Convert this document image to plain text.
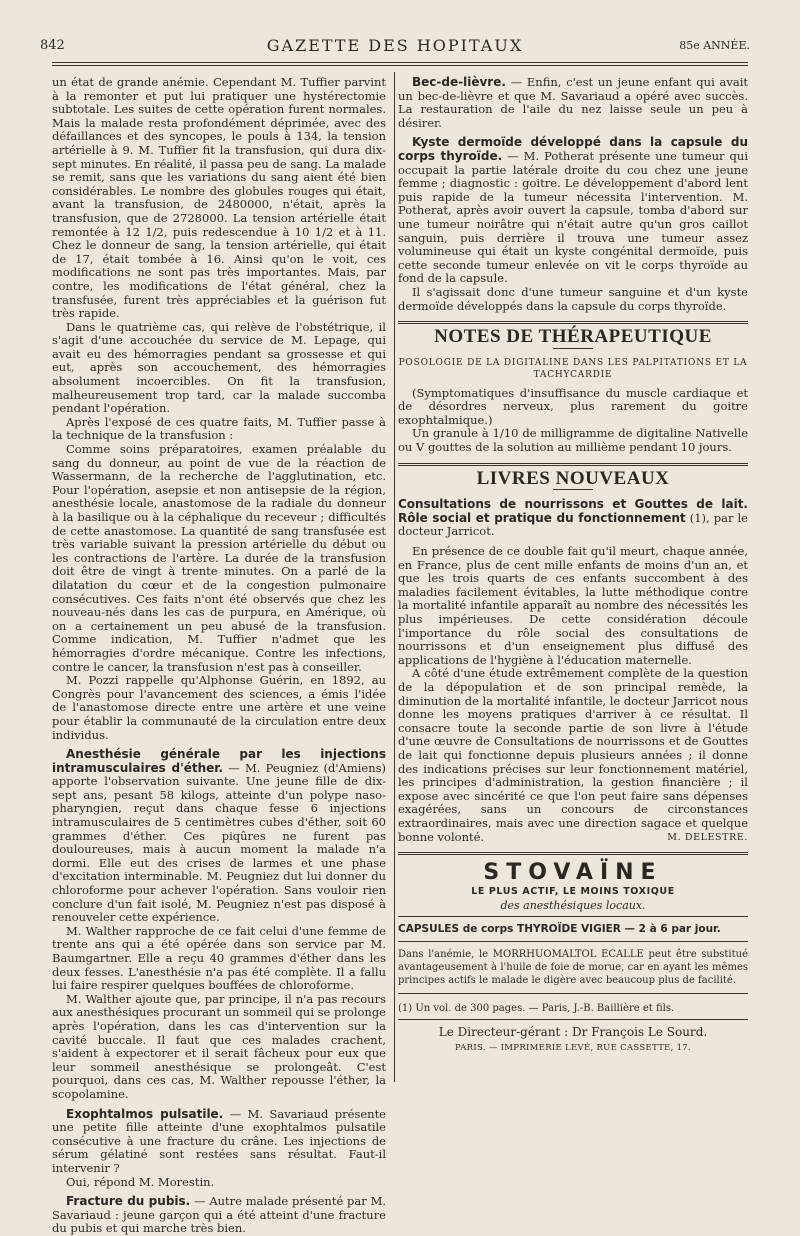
842	GAZETTE DES HOPITAUX	85e ANNÉE.

un état de grande anémie. Cependant M. Tuffier parvint à la remonter et put lui pratiquer une hystérectomie subtotale. Les suites de cette opération furent normales. Mais la malade resta profondément déprimée, avec des défaillances et des syncopes, le pouls à 134, la tension artérielle à 9. M. Tuffier fit la transfusion, qui dura dix-sept minutes. En réalité, il passa peu de sang. La malade se remit, sans que les variations du sang aient été bien considérables. Le nombre des globules rouges qui était, avant la transfusion, de 2480000, n'était, après la transfusion, que de 2728000. La tension artérielle était remontée à 12 1/2, puis redescendue à 10 1/2 et à 11. Chez le donneur de sang, la tension artérielle, qui était de 17, était tombée à 16. Ainsi qu'on le voit, ces modifications ne sont pas très importantes. Mais, par contre, les modifications de l'état général, chez la transfusée, furent très appréciables et la guérison fut très rapide.

Dans le quatrième cas, qui relève de l'obstétrique, il s'agit d'une accouchée du service de M. Lepage, qui avait eu des hémorragies pendant sa grossesse et qui eut, après son accouchement, des hémorragies absolument incoercibles. On fit la transfusion, malheureusement trop tard, car la malade succomba pendant l'opération.

Après l'exposé de ces quatre faits, M. Tuffier passe à la technique de la transfusion :

Comme soins préparatoires, examen préalable du sang du donneur, au point de vue de la réaction de Wassermann, de la recherche de l'agglutination, etc. Pour l'opération, asepsie et non antisepsie de la région, anesthésie locale, anastomose de la radiale du donneur à la basilique ou à la céphalique du receveur ; difficultés de cette anastomose. La quantité de sang transfusée est très variable suivant la pression artérielle du début ou les contractions de l'artère. La durée de la transfusion doit être de vingt à trente minutes. On a parlé de la dilatation du cœur et de la congestion pulmonaire consécutives. Ces faits n'ont été observés que chez les nouveau-nés dans les cas de purpura, en Amérique, où on a certainement un peu abusé de la transfusion. Comme indication, M. Tuffier n'admet que les hémorragies d'ordre mécanique. Contre les infections, contre le cancer, la transfusion n'est pas à conseiller.

M. Pozzi rappelle qu'Alphonse Guérin, en 1892, au Congrès pour l'avancement des sciences, a émis l'idée de l'anastomose directe entre une artère et une veine pour établir la communauté de la circulation entre deux individus.

Anesthésie générale par les injections intramusculaires d'éther. — M. Peugniez (d'Amiens) apporte l'observation suivante. Une jeune fille de dix-sept ans, pesant 58 kilogs, atteinte d'un polype naso-pharyngien, reçut dans chaque fesse 6 injections intramusculaires de 5 centimètres cubes d'éther, soit 60 grammes d'éther. Ces piqûres ne furent pas douloureuses, mais à aucun moment la malade n'a dormi. Elle eut des crises de larmes et une phase d'excitation interminable. M. Peugniez dut lui donner du chloroforme pour achever l'opération. Sans vouloir rien conclure d'un fait isolé, M. Peugniez n'est pas disposé à renouveler cette expérience.

M. Walther rapproche de ce fait celui d'une femme de trente ans qui a été opérée dans son service par M. Baumgartner. Elle a reçu 40 grammes d'éther dans les deux fesses. L'anesthésie n'a pas été complète. Il a fallu lui faire respirer quelques bouffées de chloroforme.

M. Walther ajoute que, par principe, il n'a pas recours aux anesthésiques procurant un sommeil qui se prolonge après l'opération, dans les cas d'intervention sur la cavité buccale. Il faut que ces malades crachent, s'aident à expectorer et il serait fâcheux pour eux que leur sommeil anesthésique se prolongeât. C'est pourquoi, dans ces cas, M. Walther repousse l'éther, la scopolamine.

Exophtalmos pulsatile. — M. Savariaud présente une petite fille atteinte d'une exophtalmos pulsatile consécutive à une fracture du crâne. Les injections de sérum gélatiné sont restées sans résultat. Faut-il intervenir ?

Oui, répond M. Morestin.

Fracture du pubis. — Autre malade présenté par M. Savariaud : jeune garçon qui a été atteint d'une fracture du pubis et qui marche très bien.

Bec-de-lièvre. — Enfin, c'est un jeune enfant qui avait un bec-de-lièvre et que M. Savariaud a opéré avec succès. La restauration de l'aile du nez laisse seule un peu à désirer.

Kyste dermoïde développé dans la capsule du corps thyroïde. — M. Potherat présente une tumeur qui occupait la partie latérale droite du cou chez une jeune femme ; diagnostic : goitre. Le développement d'abord lent puis rapide de la tumeur nécessita l'intervention. M. Potherat, après avoir ouvert la capsule, tomba d'abord sur une tumeur noirâtre qui n'était autre qu'un gros caillot sanguin, puis derrière il trouva une tumeur assez volumineuse qui était un kyste congénital dermoïde, puis cette seconde tumeur enlevée on vit le corps thyroïde au fond de la capsule.

Il s'agissait donc d'une tumeur sanguine et d'un kyste dermoïde développés dans la capsule du corps thyroïde.

NOTES DE THÉRAPEUTIQUE
POSOLOGIE DE LA DIGITALINE DANS LES PALPITATIONS ET LA TACHYCARDIE

(Symptomatiques d'insuffisance du muscle cardiaque et de désordres nerveux, plus rarement du goitre exophtalmique.)

Un granule à 1/10 de milligramme de digitaline Nativelle ou V gouttes de la solution au millième pendant 10 jours.

LIVRES NOUVEAUX

Consultations de nourrissons et Gouttes de lait. Rôle social et pratique du fonctionnement (1), par le docteur Jarricot.

En présence de ce double fait qu'il meurt, chaque année, en France, plus de cent mille enfants de moins d'un an, et que les trois quarts de ces enfants succombent à des maladies facilement évitables, la lutte méthodique contre la mortalité infantile apparaît au nombre des nécessités les plus impérieuses. De cette considération découle l'importance du rôle social des consultations de nourrissons et d'un enseignement plus diffusé des applications de l'hygiène à l'éducation maternelle.

A côté d'une étude extrêmement complète de la question de la dépopulation et de son principal remède, la diminution de la mortalité infantile, le docteur Jarricot nous donne les moyens pratiques d'arriver à ce résultat. Il consacre toute la seconde partie de son livre à l'étude d'une œuvre de Consultations de nourrissons et de Gouttes de lait qui fonctionne depuis plusieurs années ; il donne des indications précises sur leur fonctionnement matériel, les principes d'administration, la gestion financière ; il expose avec sincérité ce que l'on peut faire sans dépenses exagérées, sans un concours de circonstances extraordinaires, mais avec une direction sagace et quelque bonne volonté.	M. DELESTRE.

STOVAÏNE
LE PLUS ACTIF, LE MOINS TOXIQUE
des anesthésiques locaux.
CAPSULES de corps THYROÏDE VIGIER — 2 à 6 par jour.
Dans l'anémie, le MORRHUOMALTOL ECALLE peut être substitué avantageusement à l'huile de foie de morue, car en ayant les mêmes principes actifs le malade le digère avec beaucoup plus de facilité.
(1) Un vol. de 300 pages. — Paris, J.-B. Baillière et fils.
Le Directeur-gérant : Dr François Le Sourd.
PARIS. — IMPRIMERIE LEVÉ, RUE CASSETTE, 17.
